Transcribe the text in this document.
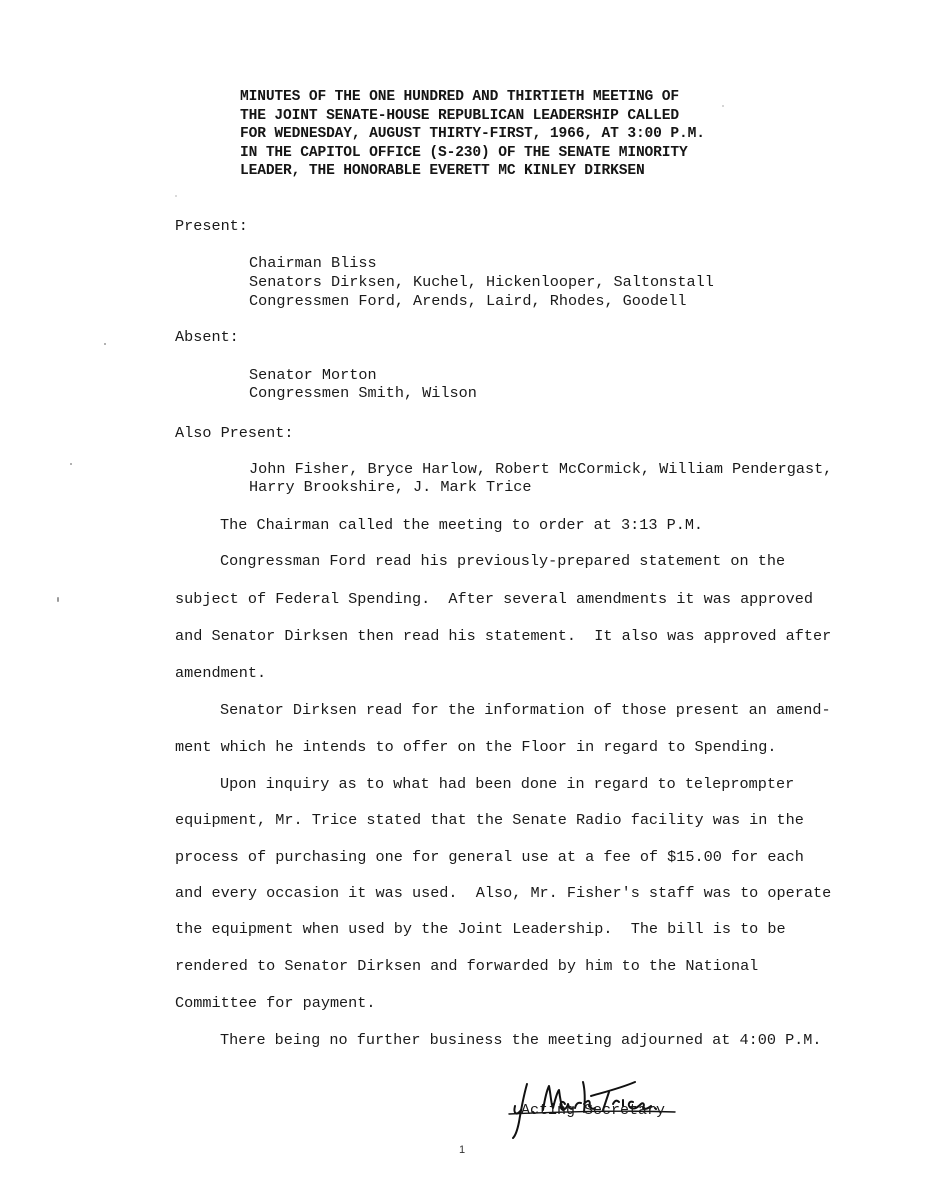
MINUTES OF THE ONE HUNDRED AND THIRTIETH MEETING OF
THE JOINT SENATE-HOUSE REPUBLICAN LEADERSHIP CALLED
FOR WEDNESDAY, AUGUST THIRTY-FIRST, 1966, AT 3:00 P.M.
IN THE CAPITOL OFFICE (S-230) OF THE SENATE MINORITY
LEADER, THE HONORABLE EVERETT MC KINLEY DIRKSEN
Present:
Chairman Bliss
Senators Dirksen, Kuchel, Hickenlooper, Saltonstall
Congressmen Ford, Arends, Laird, Rhodes, Goodell
Absent:
Senator Morton
Congressmen Smith, Wilson
Also Present:
John Fisher, Bryce Harlow, Robert McCormick, William Pendergast,
Harry Brookshire, J. Mark Trice
The Chairman called the meeting to order at 3:13 P.M.
Congressman Ford read his previously-prepared statement on the
subject of Federal Spending.  After several amendments it was approved
and Senator Dirksen then read his statement.  It also was approved after
amendment.
Senator Dirksen read for the information of those present an amend-
ment which he intends to offer on the Floor in regard to Spending.
Upon inquiry as to what had been done in regard to teleprompter
equipment, Mr. Trice stated that the Senate Radio facility was in the
process of purchasing one for general use at a fee of $15.00 for each
and every occasion it was used.  Also, Mr. Fisher's staff was to operate
the equipment when used by the Joint Leadership.  The bill is to be
rendered to Senator Dirksen and forwarded by him to the National
Committee for payment.
There being no further business the meeting adjourned at 4:00 P.M.
Acting Secretary
1
